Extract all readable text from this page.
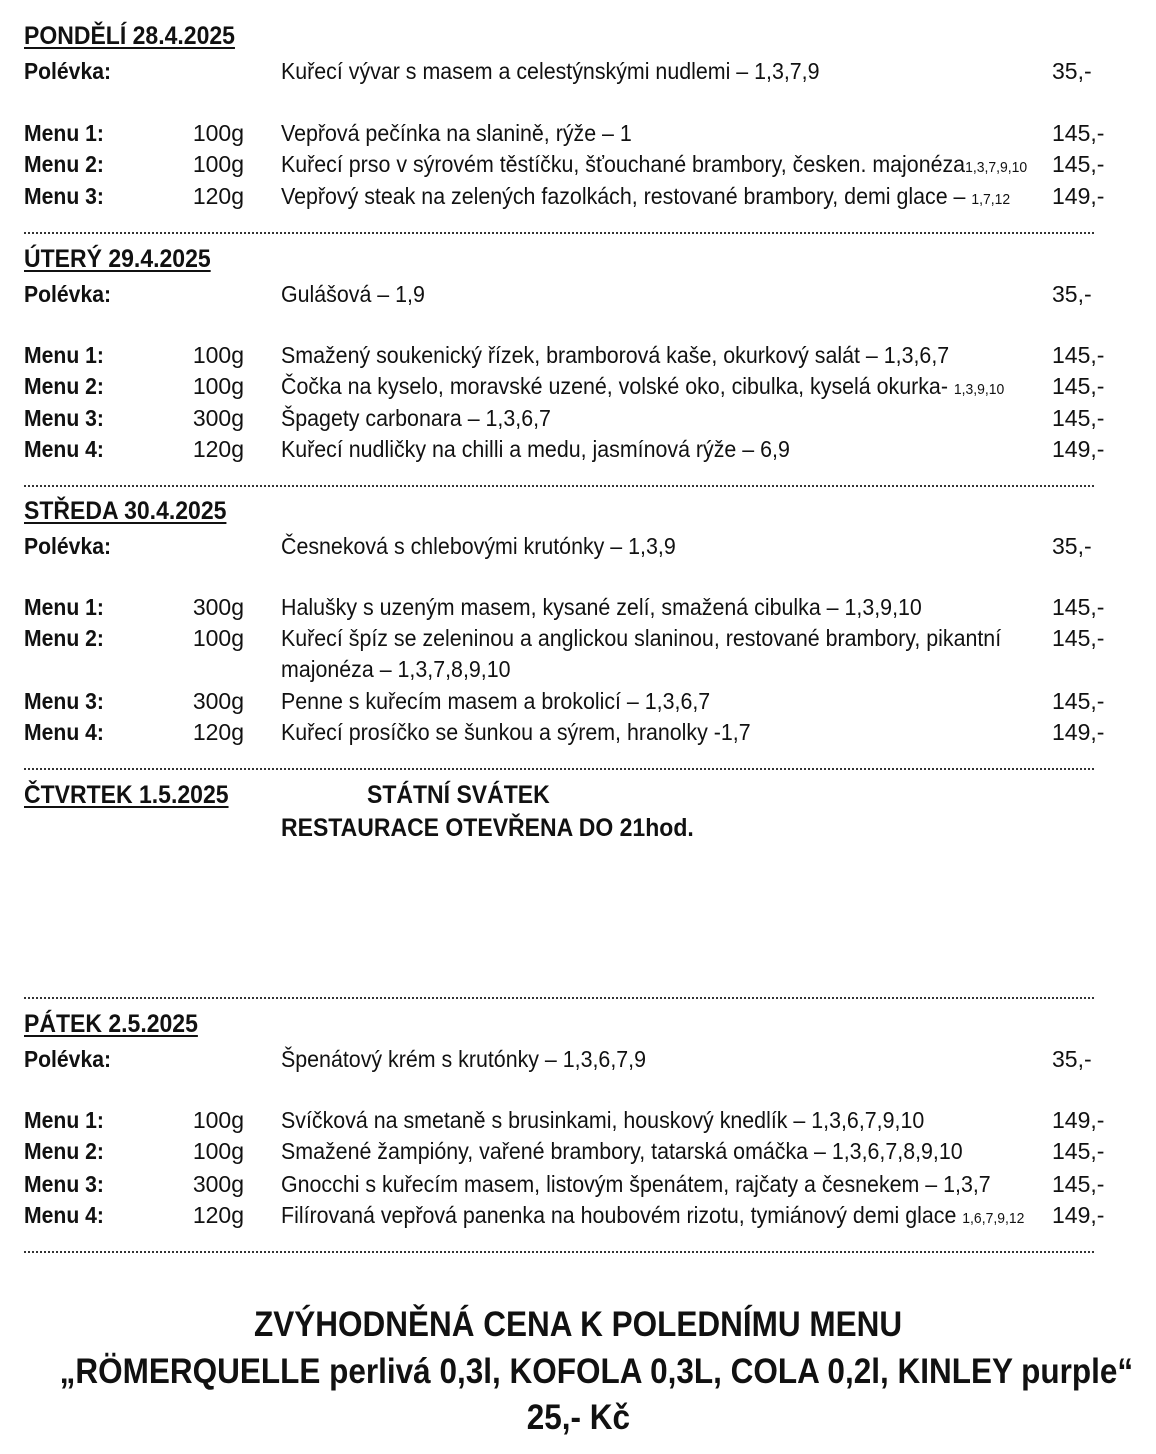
PONDĚLÍ 28.4.2025
Polévka:	Kuřecí vývar s masem a celestýnskými nudlemi – 1,3,7,9	35,-
Menu 1:	100g Vepřová pečínka na slanině, rýže – 1	145,-
Menu 2:	100g Kuřecí prso v sýrovém těstíčku, šťouchané brambory, česken. majonéza1,3,7,9,10 145,-
Menu 3:	120g Vepřový steak na zelených fazolkách, restované brambory, demi glace – 1,7,12 149,-
ÚTERÝ 29.4.2025
Polévka:	Gulášová – 1,9	35,-
Menu 1:	100g Smažený soukenický řízek, bramborová kaše, okurkový salát – 1,3,6,7	145,-
Menu 2:	100g Čočka na kyselo, moravské uzené, volské oko, cibulka, kyselá okurka- 1,3,9,10 145,-
Menu 3:	300g Špagety carbonara – 1,3,6,7	145,-
Menu 4:	120g Kuřecí nudličky na chilli a medu, jasmínová rýže – 6,9	149,-
STŘEDA 30.4.2025
Polévka:	Česneková s chlebovými krutónky – 1,3,9	35,-
Menu 1:	300g Halušky s uzeným masem, kysané zelí, smažená cibulka – 1,3,9,10	145,-
Menu 2:	100g Kuřecí špíz se zeleninou a anglickou slaninou, restované brambory, pikantní majonéza – 1,3,7,8,9,10
145,-
Menu 3:	300g Penne s kuřecím masem a brokolicí – 1,3,6,7	145,-
Menu 4:	120g Kuřecí prosíčko se šunkou a sýrem, hranolky -1,7	149,-
ČTVRTEK 1.5.2025	STÁTNÍ SVÁTEK
RESTAURACE OTEVŘENA DO 21hod.
PÁTEK 2.5.2025
Polévka:	Špenátový krém s krutónky – 1,3,6,7,9	35,-
Menu 1:	100g Svíčková na smetaně s brusinkami, houskový knedlík – 1,3,6,7,9,10	149,-
Menu 2:	100g Smažené žampióny, vařené brambory, tatarská omáčka – 1,3,6,7,8,9,10	145,-
Menu 3:	300g Gnocchi s kuřecím masem, listovým špenátem, rajčaty a česnekem – 1,3,7	145,-
Menu 4:	120g Filírovaná vepřová panenka na houbovém rizotu, tymiánový demi glace 1,6,7,9,12 149,-
ZVÝHODNĚNÁ CENA K POLEDNÍMU MENU
„RÖMERQUELLE perlivá 0,3l, KOFOLA 0,3L, COLA 0,2l, KINLEY purple“
25,- Kč
